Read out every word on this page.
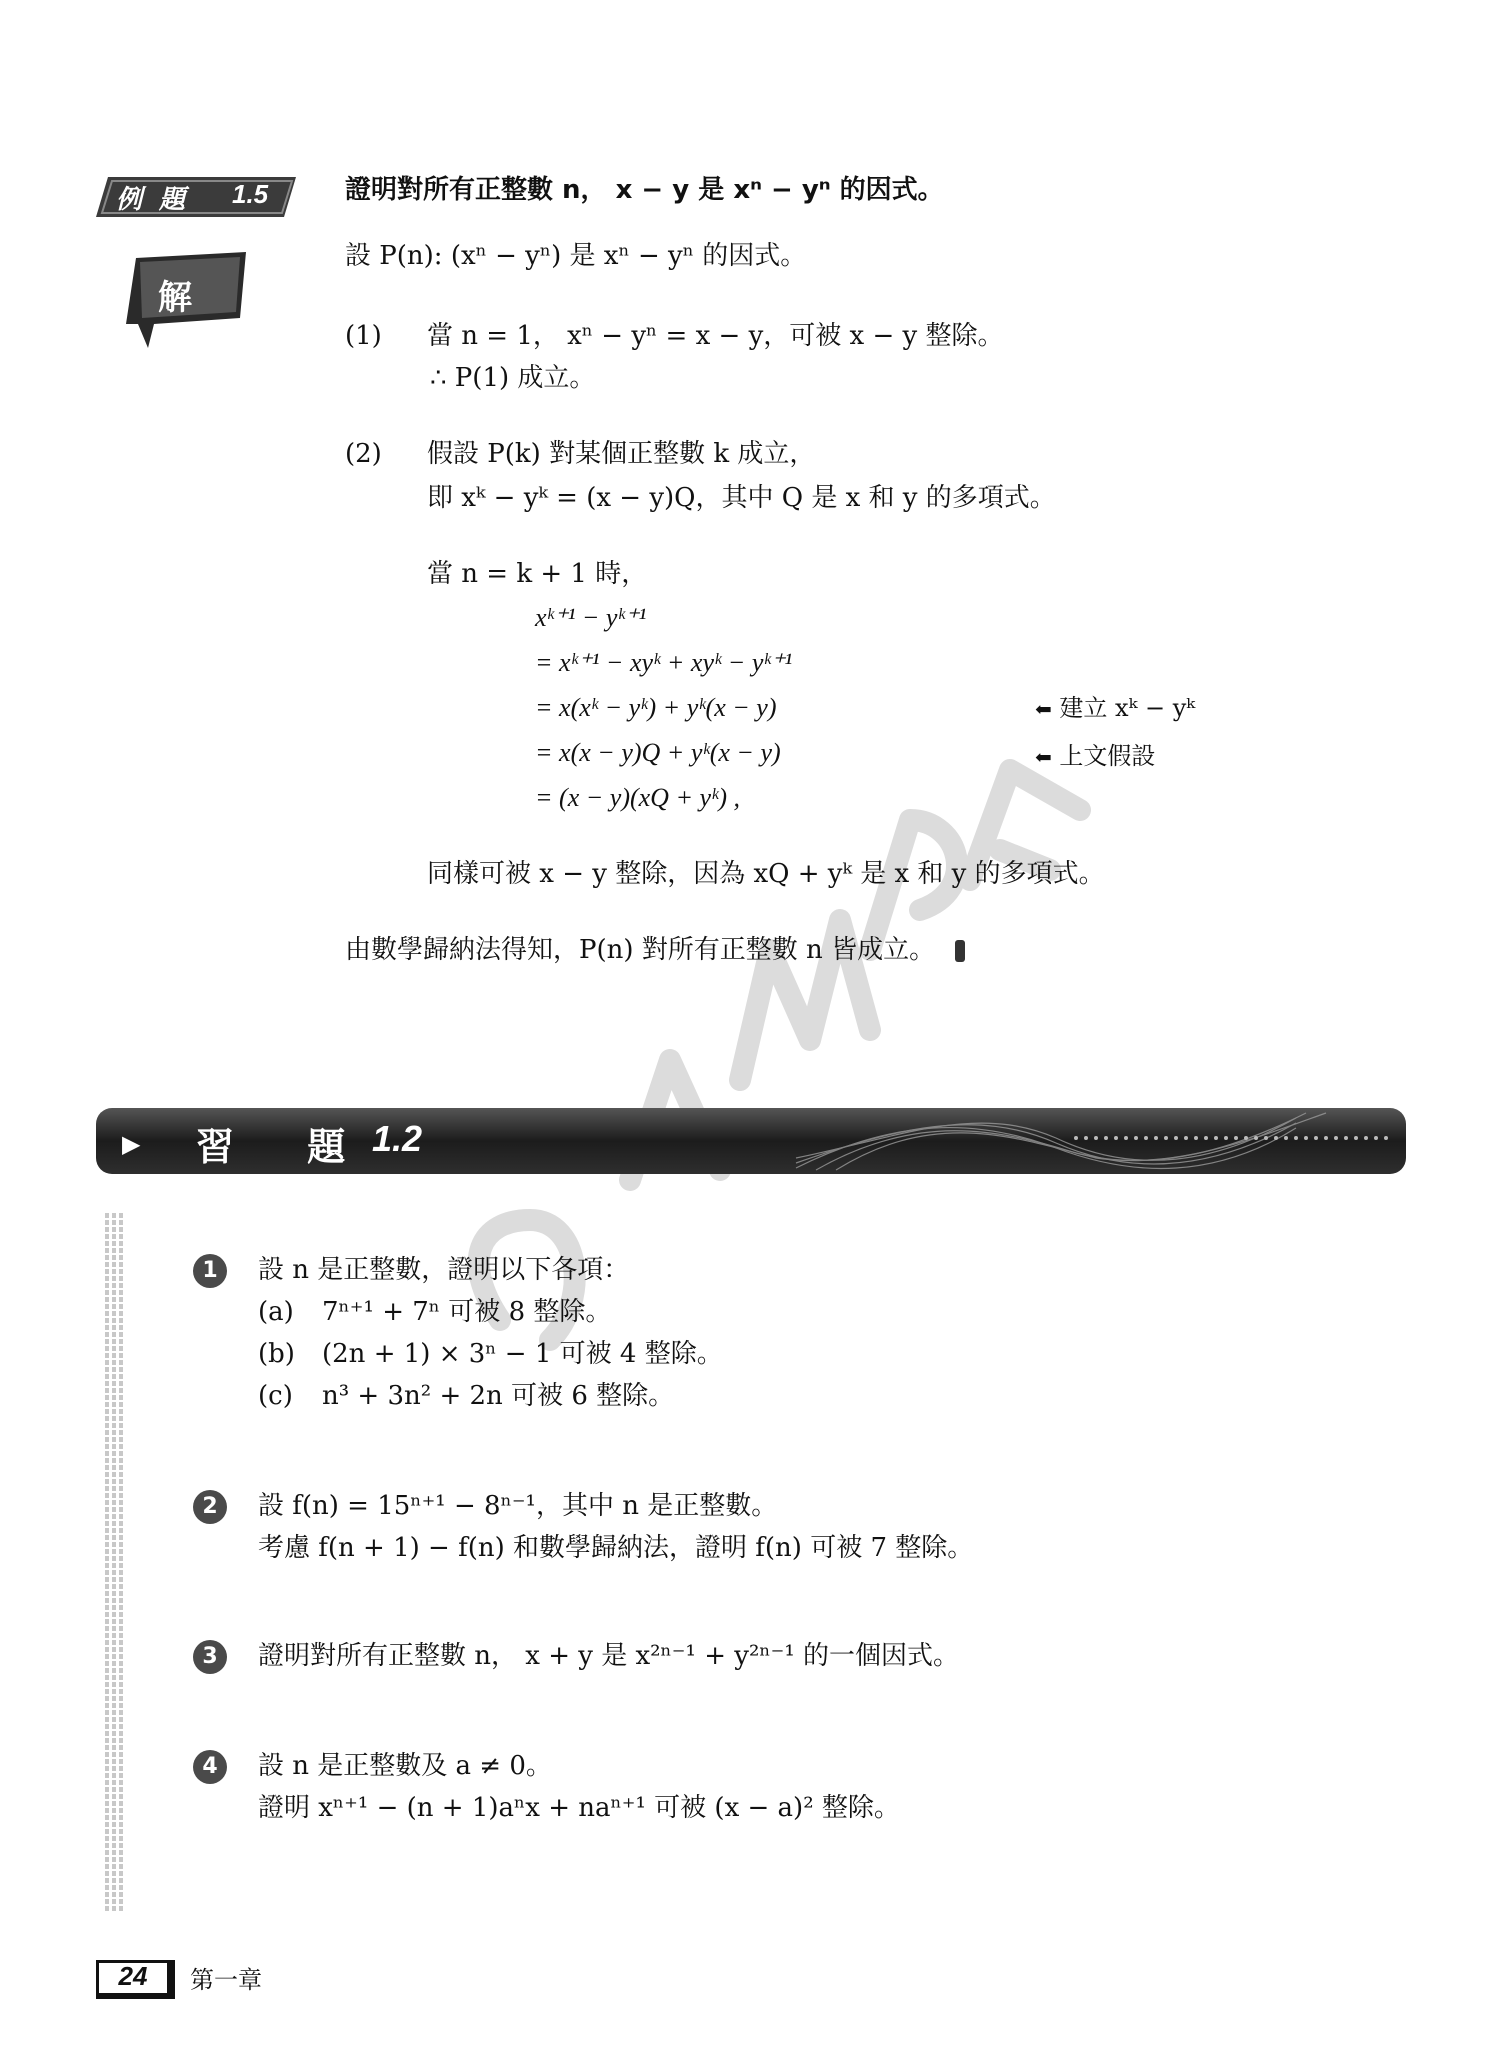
例 題 1.5	證明對所有正整數 n， x − y 是 xⁿ − yⁿ 的因式。
解
設 P(n): (xⁿ − yⁿ) 是 xⁿ − yⁿ 的因式。
(1) 當 n = 1， xⁿ − yⁿ = x − y，可被 x − y 整除。
∴ P(1) 成立。
(2) 假設 P(k) 對某個正整數 k 成立，
即 xᵏ − yᵏ = (x − y)Q，其中 Q 是 x 和 y 的多項式。
當 n = k + 1 時，
xᵏ⁺¹ − yᵏ⁺¹
= xᵏ⁺¹ − xyᵏ + xyᵏ − yᵏ⁺¹
= x(xᵏ − yᵏ) + yᵏ(x − y)
= x(x − y)Q + yᵏ(x − y)
= (x − y)(xQ + yᵏ) ,
⬅ 建立 xᵏ − yᵏ
⬅ 上文假設
同樣可被 x − y 整除，因為 xQ + yᵏ 是 x 和 y 的多項式。
由數學歸納法得知，P(n) 對所有正整數 n 皆成立。
▶ 習 題
1.2
1	設 n 是正整數，證明以下各項：
(a) 7ⁿ⁺¹ + 7ⁿ 可被 8 整除。
(b) (2n + 1) × 3ⁿ − 1 可被 4 整除。
(c) n³ + 3n² + 2n 可被 6 整除。
2	設 f(n) = 15ⁿ⁺¹ − 8ⁿ⁻¹，其中 n 是正整數。
考慮 f(n + 1) − f(n) 和數學歸納法，證明 f(n) 可被 7 整除。
3	證明對所有正整數 n， x + y 是 x²ⁿ⁻¹ + y²ⁿ⁻¹ 的一個因式。
4	設 n 是正整數及 a ≠ 0。
證明 xⁿ⁺¹ − (n + 1)aⁿx + naⁿ⁺¹ 可被 (x − a)² 整除。
24	第一章
